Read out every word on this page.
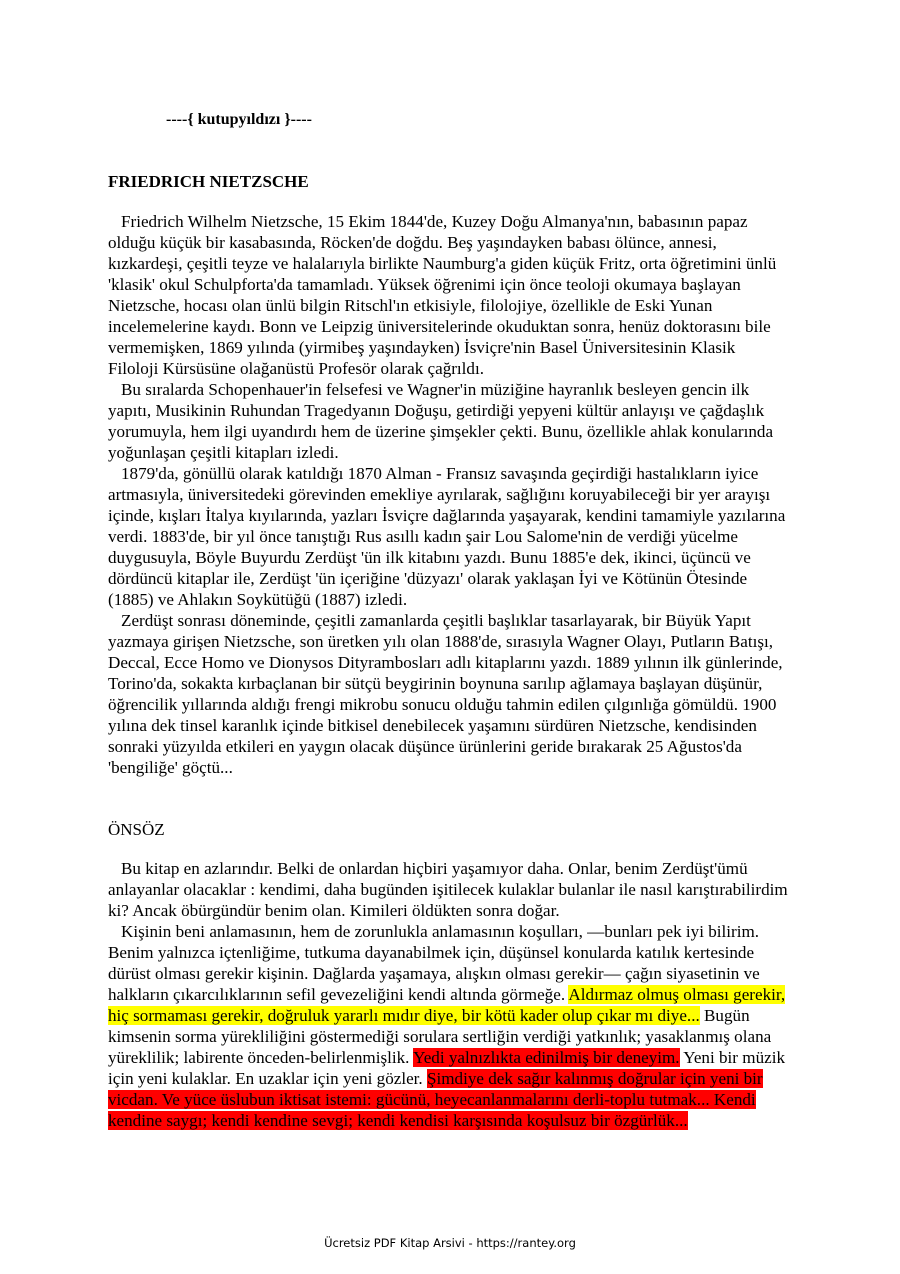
----{ kutupyıldızı }----
FRIEDRICH NIETZSCHE

Friedrich Wilhelm Nietzsche, 15 Ekim 1844'de, Kuzey Doğu Almanya'nın, babasının papaz olduğu küçük bir kasabasında, Röcken'de doğdu. Beş yaşındayken babası ölünce, annesi, kızkardeşi, çeşitli teyze ve halalarıyla birlikte Naumburg'a giden küçük Fritz, orta öğretimini ünlü 'klasik' okul Schulpforta'da tamamladı. Yüksek öğrenimi için önce teoloji okumaya başlayan Nietzsche, hocası olan ünlü bilgin Ritschl'ın etkisiyle, filolojiye, özellikle de Eski Yunan incelemelerine kaydı. Bonn ve Leipzig üniversitelerinde okuduktan sonra, henüz doktorasını bile vermemişken, 1869 yılında (yirmibeş yaşındayken) İsviçre'nin Basel Üniversitesinin Klasik Filoloji Kürsüsüne olağanüstü Profesör olarak çağrıldı.

Bu sıralarda Schopenhauer'in felsefesi ve Wagner'in müziğine hayranlık besleyen gencin ilk yapıtı, Musikinin Ruhundan Tragedyanın Doğuşu, getirdiği yepyeni kültür anlayışı ve çağdaşlık yorumuyla, hem ilgi uyandırdı hem de üzerine şimşekler çekti. Bunu, özellikle ahlak konularında yoğunlaşan çeşitli kitapları izledi.

1879'da, gönüllü olarak katıldığı 1870 Alman - Fransız savaşında geçirdiği hastalıkların iyice artmasıyla, üniversitedeki görevinden emekliye ayrılarak, sağlığını koruyabileceği bir yer arayışı içinde, kışları İtalya kıyılarında, yazları İsviçre dağlarında yaşayarak, kendini tamamiyle yazılarına verdi. 1883'de, bir yıl önce tanıştığı Rus asıllı kadın şair Lou Salome'nin de verdiği yücelme duygusuyla, Böyle Buyurdu Zerdüşt 'ün ilk kitabını yazdı. Bunu 1885'e dek, ikinci, üçüncü ve dördüncü kitaplar ile, Zerdüşt 'ün içeriğine 'düzyazı' olarak yaklaşan İyi ve Kötünün Ötesinde (1885) ve Ahlakın Soykütüğü (1887) izledi.

Zerdüşt sonrası döneminde, çeşitli zamanlarda çeşitli başlıklar tasarlayarak, bir Büyük Yapıt yazmaya girişen Nietzsche, son üretken yılı olan 1888'de, sırasıyla Wagner Olayı, Putların Batışı, Deccal, Ecce Homo ve Dionysos Dityrambosları adlı kitaplarını yazdı. 1889 yılının ilk günlerinde, Torino'da, sokakta kırbaçlanan bir sütçü beygirinin boynuna sarılıp ağlamaya başlayan düşünür, öğrencilik yıllarında aldığı frengi mikrobu sonucu olduğu tahmin edilen çılgınlığa gömüldü. 1900 yılına dek tinsel karanlık içinde bitkisel denebilecek yaşamını sürdüren Nietzsche, kendisinden sonraki yüzyılda etkileri en yaygın olacak düşünce ürünlerini geride bırakarak 25 Ağustos'da 'bengiliğe' göçtü...

ÖNSÖZ

Bu kitap en azlarındır. Belki de onlardan hiçbiri yaşamıyor daha. Onlar, benim Zerdüşt'ümü anlayanlar olacaklar : kendimi, daha bugünden işitilecek kulaklar bulanlar ile nasıl karıştırabilirdim ki? Ancak öbürgündür benim olan. Kimileri öldükten sonra doğar.

Kişinin beni anlamasının, hem de zorunlukla anlamasının koşulları, —bunları pek iyi bilirim. Benim yalnızca içtenliğime, tutkuma dayanabilmek için, düşünsel konularda katılık kertesinde dürüst olması gerekir kişinin. Dağlarda yaşamaya, alışkın olması gerekir— çağın siyasetinin ve halkların çıkarcılıklarının sefil gevezeliğini kendi altında görmeğe. Aldırmaz olmuş olması gerekir, hiç sormaması gerekir, doğruluk yararlı mıdır diye, bir kötü kader olup çıkar mı diye... Bugün kimsenin sorma yürekliliğini göstermediği sorulara sertliğin verdiği yatkınlık; yasaklanmış olana yüreklilik; labirente önceden-belirlenmişlik. Yedi yalnızlıkta edinilmiş bir deneyim. Yeni bir müzik için yeni kulaklar. En uzaklar için yeni gözler. Şimdiye dek sağır kalınmış doğrular için yeni bir vicdan. Ve yüce üslubun iktisat istemi: gücünü, heyecanlanmalarını derli-toplu tutmak... Kendi kendine saygı; kendi kendine sevgi; kendi kendisi karşısında koşulsuz bir özgürlük...

Ücretsiz PDF Kitap Arsivi - https://rantey.org
